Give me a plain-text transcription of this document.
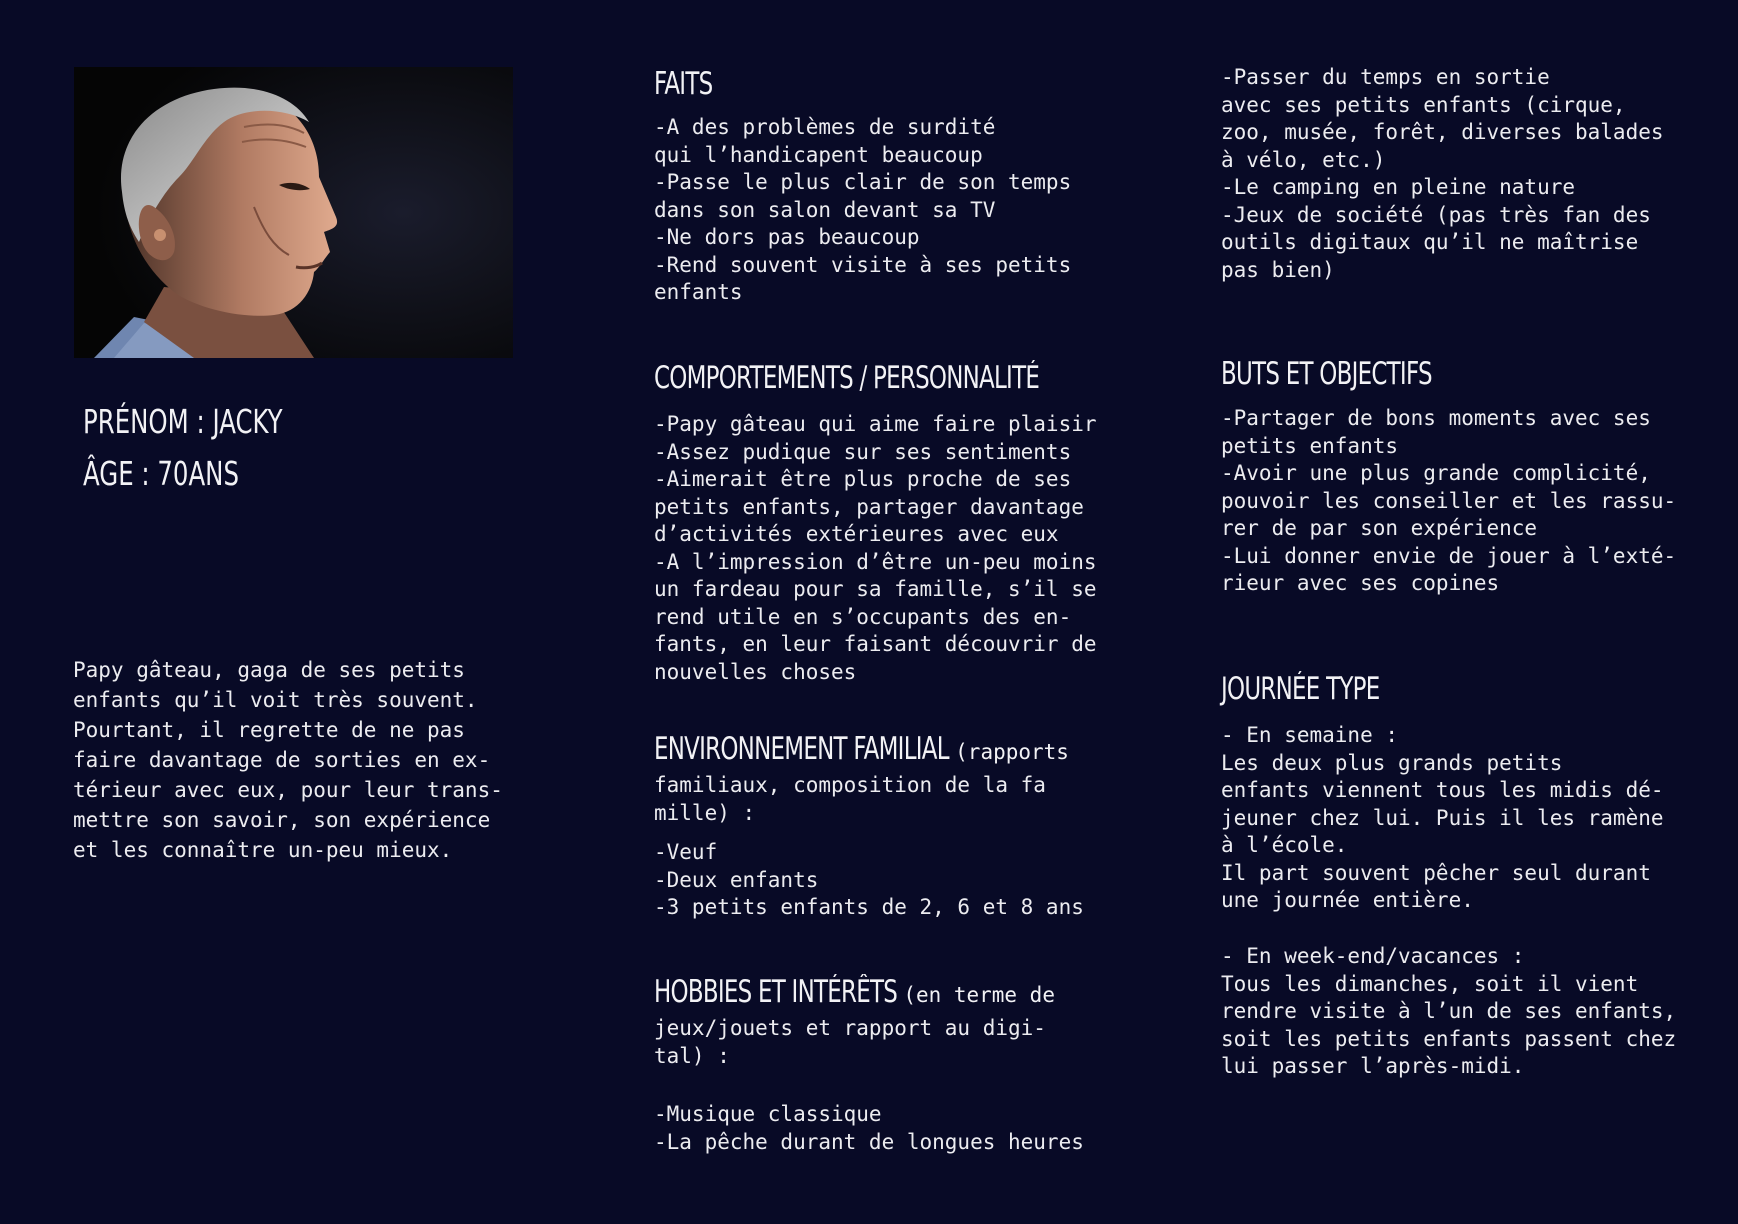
PRÉNOM : JACKY
ÂGE : 70ANS
Papy gâteau, gaga de ses petits
enfants qu’il voit très souvent.
Pourtant, il regrette de ne pas
faire davantage de sorties en ex-
térieur avec eux, pour leur trans-
mettre son savoir, son expérience
et les connaître un-peu mieux.
FAITS
-A des problèmes de surdité
qui l’handicapent beaucoup
-Passe le plus clair de son temps
dans son salon devant sa TV
-Ne dors pas beaucoup
-Rend souvent visite à ses petits
enfants
COMPORTEMENTS / PERSONNALITÉ
-Papy gâteau qui aime faire plaisir
-Assez pudique sur ses sentiments
-Aimerait être plus proche de ses
petits enfants, partager davantage
d’activités extérieures avec eux
-A l’impression d’être un-peu moins
un fardeau pour sa famille, s’il se
rend utile en s’occupants des en-
fants, en leur faisant découvrir de
nouvelles choses
ENVIRONNEMENT FAMILIAL (rapports
familiaux, composition de la fa
mille) :
-Veuf
-Deux enfants
-3 petits enfants de 2, 6 et 8 ans
HOBBIES ET INTÉRÊTS (en terme de
jeux/jouets et rapport au digi-
tal) :
-Musique classique
-La pêche durant de longues heures
-Passer du temps en sortie
avec ses petits enfants (cirque,
zoo, musée, forêt, diverses balades
à vélo, etc.)
-Le camping en pleine nature
-Jeux de société (pas très fan des
outils digitaux qu’il ne maîtrise
pas bien)
BUTS ET OBJECTIFS
-Partager de bons moments avec ses
petits enfants
-Avoir une plus grande complicité,
pouvoir les conseiller et les rassu-
rer de par son expérience
-Lui donner envie de jouer à l’exté-
rieur avec ses copines
JOURNÉE TYPE
- En semaine :
Les deux plus grands petits
enfants viennent tous les midis dé-
jeuner chez lui. Puis il les ramène
à l’école.
Il part souvent pêcher seul durant
une journée entière.
- En week-end/vacances :
Tous les dimanches, soit il vient
rendre visite à l’un de ses enfants,
soit les petits enfants passent chez
lui passer l’après-midi.
